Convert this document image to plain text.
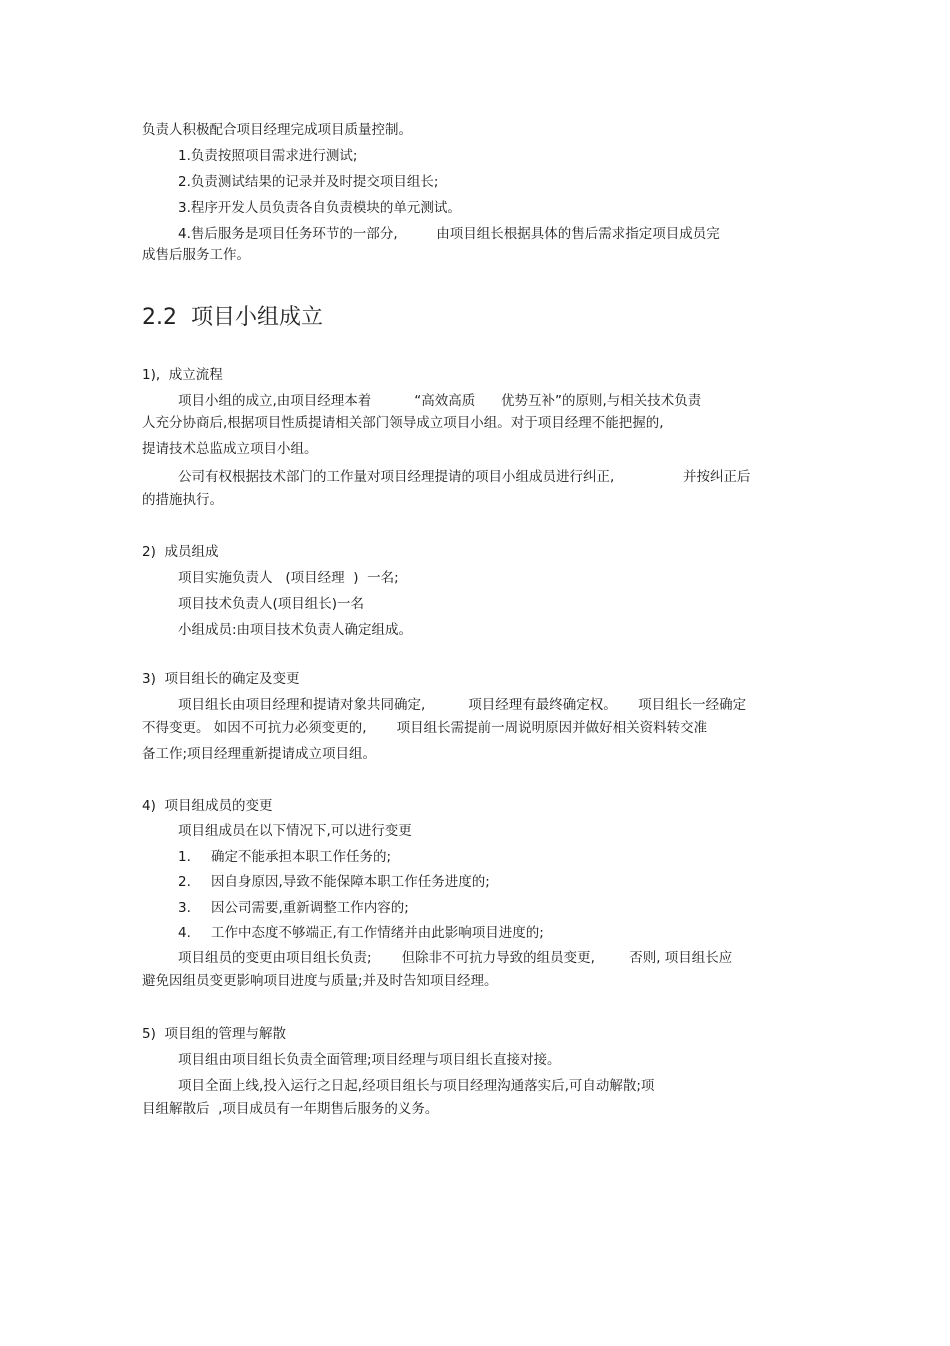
负责人积极配合项目经理完成项目质量控制。
1.负责按照项目需求进行测试;
2.负责测试结果的记录并及时提交项目组长;
3.程序开发人员负责各自负责模块的单元测试。
4.售后服务是项目任务环节的一部分,         由项目组长根据具体的售后需求指定项目成员完
成售后服务工作。
2.2  项目小组成立
1),  成立流程
项目小组的成立,由项目经理本着          “高效高质      优势互补”的原则,与相关技术负责
人充分协商后,根据项目性质提请相关部门领导成立项目小组。对于项目经理不能把握的,
提请技术总监成立项目小组。
公司有权根据技术部门的工作量对项目经理提请的项目小组成员进行纠正,                并按纠正后
的措施执行。
2)  成员组成
项目实施负责人   (项目经理  )  一名;
项目技术负责人(项目组长)一名
小组成员:由项目技术负责人确定组成。
3)  项目组长的确定及变更
项目组长由项目经理和提请对象共同确定,          项目经理有最终确定权。     项目组长一经确定
不得变更。 如因不可抗力必须变更的,       项目组长需提前一周说明原因并做好相关资料转交准
备工作;项目经理重新提请成立项目组。
4)  项目组成员的变更
项目组成员在以下情况下,可以进行变更
1. 确定不能承担本职工作任务的;
2. 因自身原因,导致不能保障本职工作任务进度的;
3. 因公司需要,重新调整工作内容的;
4. 工作中态度不够端正,有工作情绪并由此影响项目进度的;
项目组员的变更由项目组长负责;       但除非不可抗力导致的组员变更,        否则, 项目组长应
避免因组员变更影响项目进度与质量;并及时告知项目经理。
5)  项目组的管理与解散
项目组由项目组长负责全面管理;项目经理与项目组长直接对接。
项目全面上线,投入运行之日起,经项目组长与项目经理沟通落实后,可自动解散;项
目组解散后  ,项目成员有一年期售后服务的义务。
